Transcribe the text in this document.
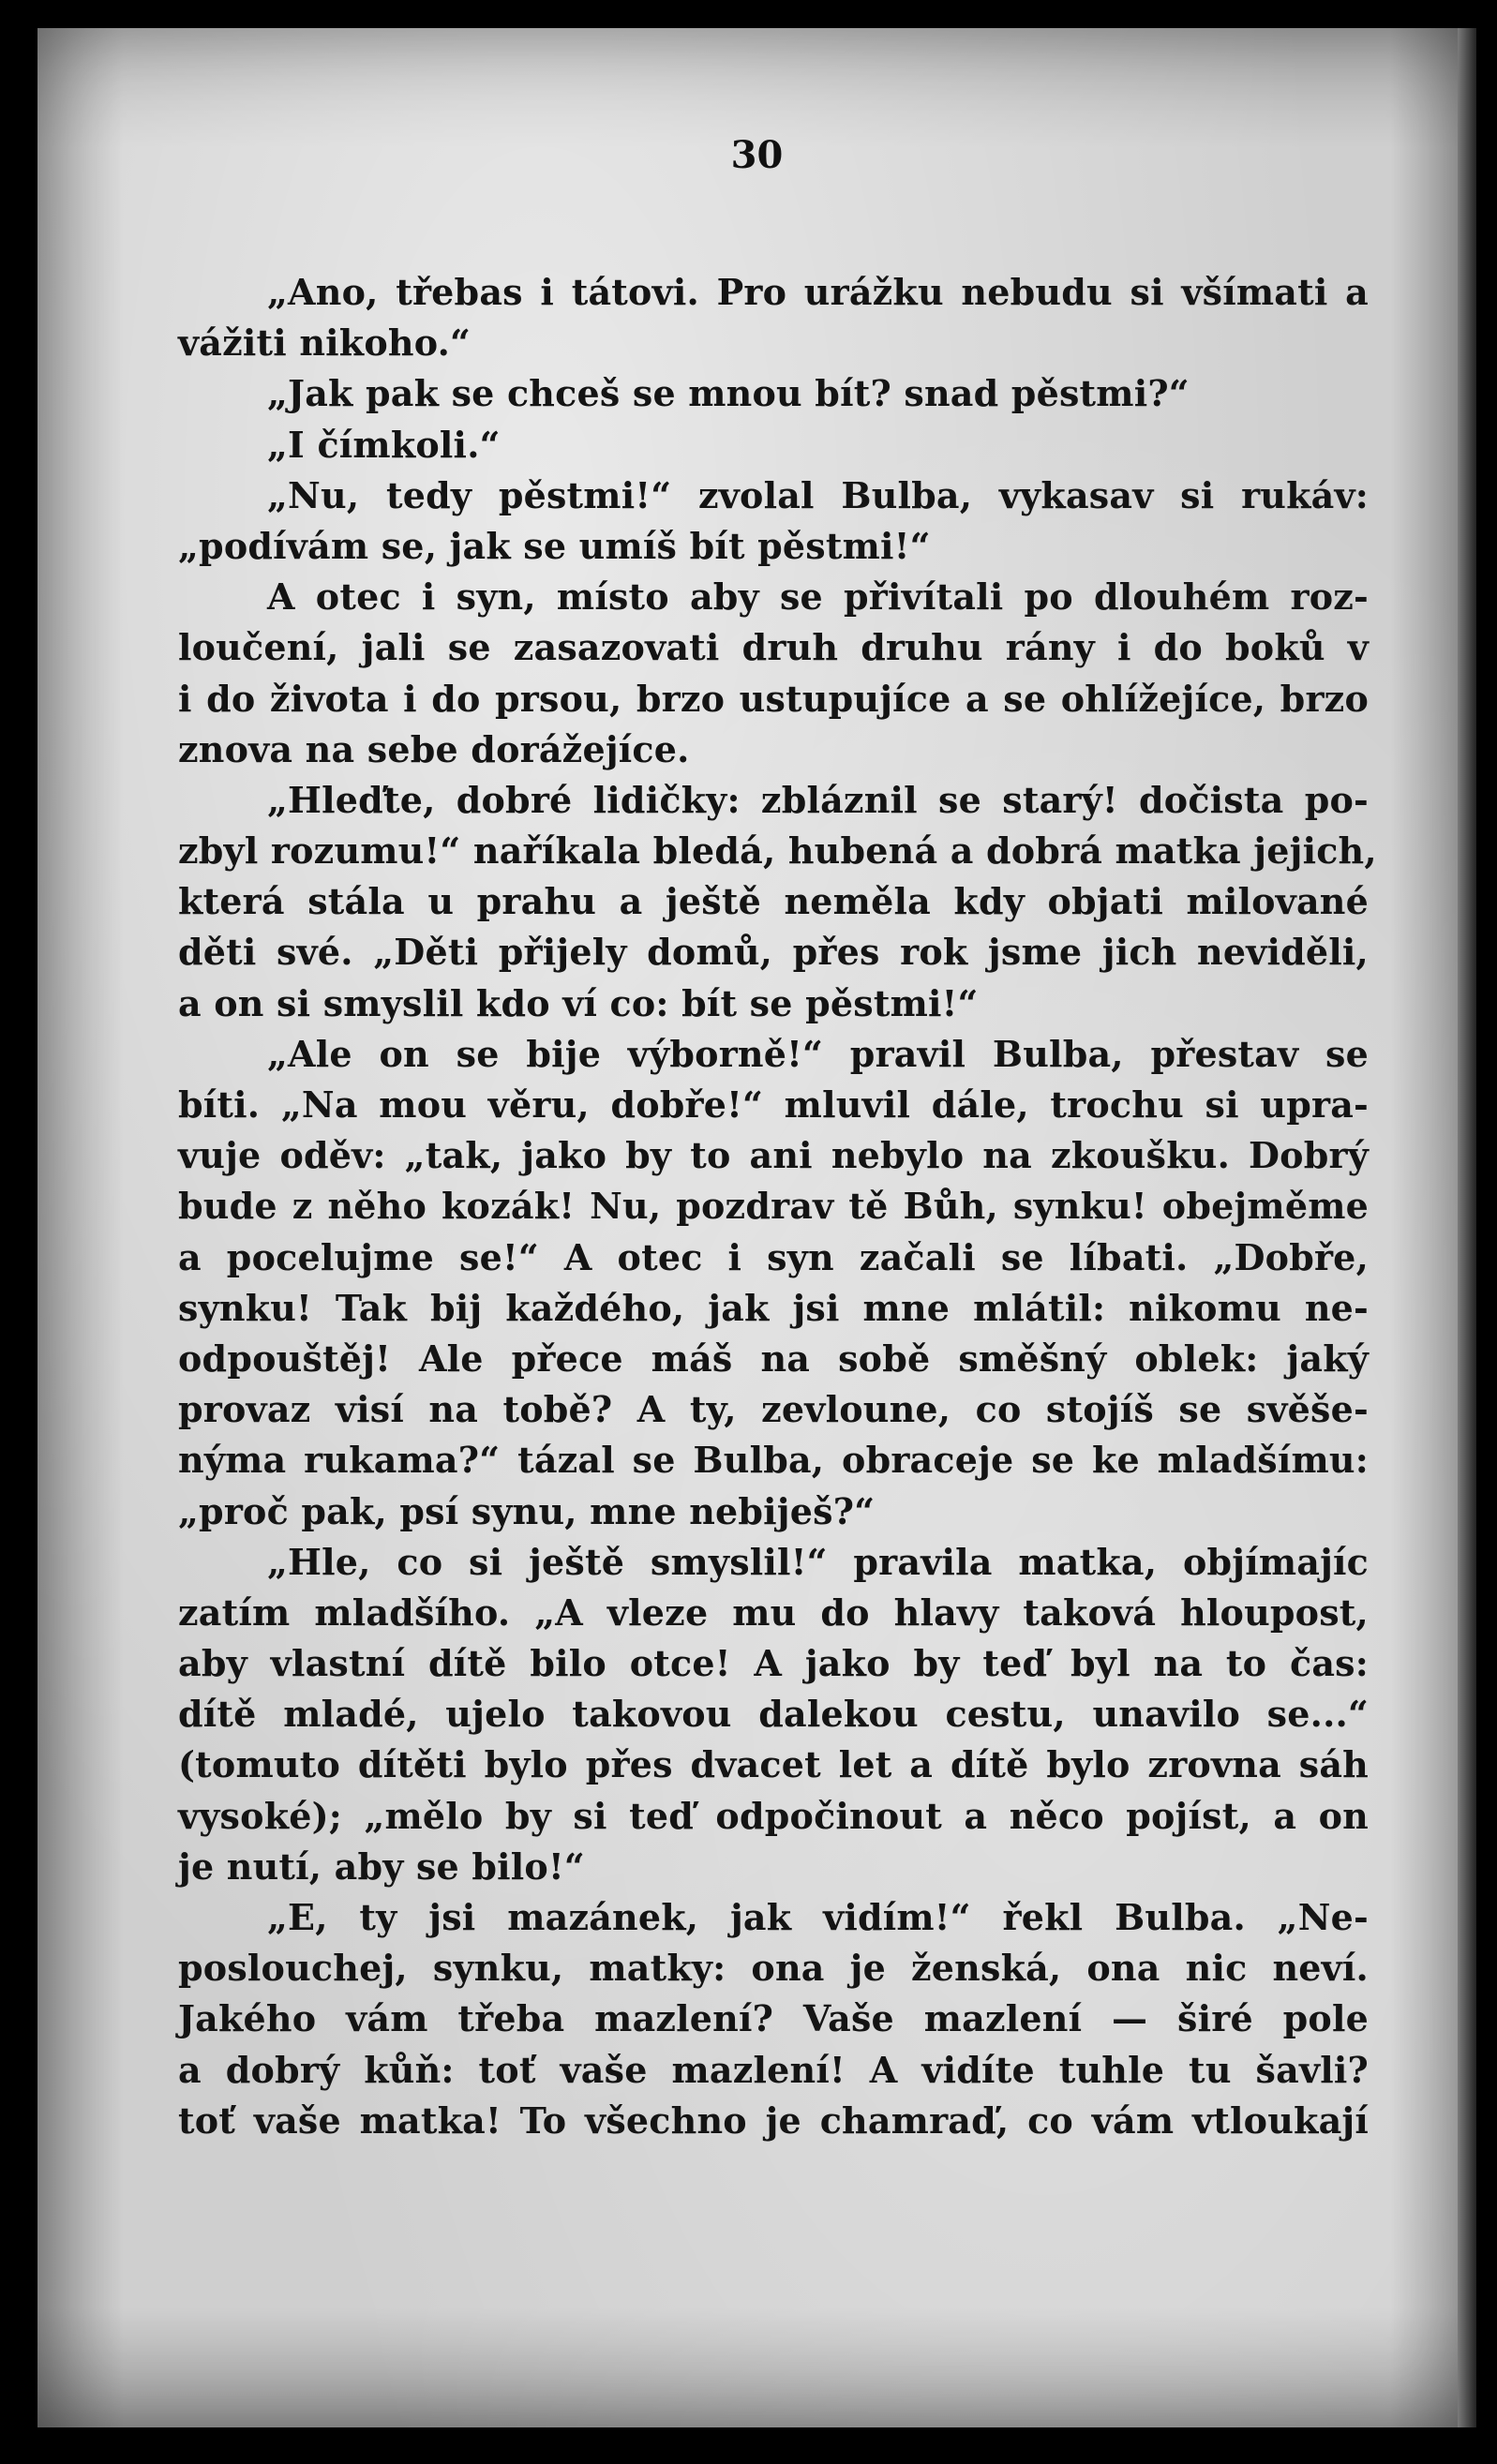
30
„Ano, třebas i tátovi. Pro urážku nebudu si všímati a
vážiti nikoho.“
„Jak pak se chceš se mnou bít? snad pěstmi?“
„I čímkoli.“
„Nu, tedy pěstmi!“ zvolal Bulba, vykasav si rukáv:
„podívám se, jak se umíš bít pěstmi!“
A otec i syn, místo aby se přivítali po dlouhém roz-
loučení, jali se zasazovati druh druhu rány i do boků v
i do života i do prsou, brzo ustupujíce a se ohlížejíce, brzo
znova na sebe dorážejíce.
„Hleďte, dobré lidičky: zbláznil se starý! dočista po-
zbyl rozumu!“ naříkala bledá, hubená a dobrá matka jejich,
která stála u prahu a ještě neměla kdy objati milované
děti své. „Děti přijely domů, přes rok jsme jich neviděli,
a on si smyslil kdo ví co: bít se pěstmi!“
„Ale on se bije výborně!“ pravil Bulba, přestav se
bíti. „Na mou věru, dobře!“ mluvil dále, trochu si upra-
vuje oděv: „tak, jako by to ani nebylo na zkoušku. Dobrý
bude z něho kozák! Nu, pozdrav tě Bůh, synku! obejměme
a pocelujme se!“ A otec i syn začali se líbati. „Dobře,
synku! Tak bij každého, jak jsi mne mlátil: nikomu ne-
odpouštěj! Ale přece máš na sobě směšný oblek: jaký
provaz visí na tobě? A ty, zevloune, co stojíš se svěše-
nýma rukama?“ tázal se Bulba, obraceje se ke mladšímu:
„proč pak, psí synu, mne nebiješ?“
„Hle, co si ještě smyslil!“ pravila matka, objímajíc
zatím mladšího. „A vleze mu do hlavy taková hloupost,
aby vlastní dítě bilo otce! A jako by teď byl na to čas:
dítě mladé, ujelo takovou dalekou cestu, unavilo se...“
(tomuto dítěti bylo přes dvacet let a dítě bylo zrovna sáh
vysoké); „mělo by si teď odpočinout a něco pojíst, a on
je nutí, aby se bilo!“
„E, ty jsi mazánek, jak vidím!“ řekl Bulba. „Ne-
poslouchej, synku, matky: ona je ženská, ona nic neví.
Jakého vám třeba mazlení? Vaše mazlení — širé pole
a dobrý kůň: toť vaše mazlení! A vidíte tuhle tu šavli?
toť vaše matka! To všechno je chamraď, co vám vtloukají
